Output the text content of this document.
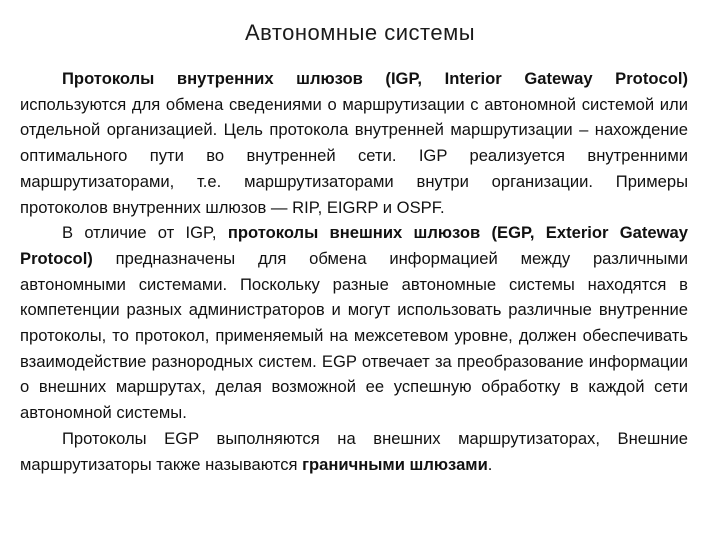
Автономные системы

Протоколы внутренних шлюзов (IGP, Interior Gateway Protocol) используются для обмена сведениями о маршрутизации с автономной системой или отдельной организацией. Цель протокола внутренней маршрутизации – нахождение оптимального пути во внутренней сети. IGP реализуется внутренними маршрутизаторами, т.е. маршрутизаторами внутри организации. Примеры протоколов внутренних шлюзов — RIP, EIGRP и OSPF.

В отличие от IGP, протоколы внешних шлюзов (EGP, Exterior Gateway Protocol) предназначены для обмена информацией между различными автономными системами. Поскольку разные автономные системы находятся в компетенции разных администраторов и могут использовать различные внутренние протоколы, то протокол, применяемый на межсетевом уровне, должен обеспечивать взаимодействие разнородных систем. EGP отвечает за преобразование информации о внешних маршрутах, делая возможной ее успешную обработку в каждой сети автономной системы.

Протоколы EGP выполняются на внешних маршрутизаторах, Внешние маршрутизаторы также называются граничными шлюзами.
